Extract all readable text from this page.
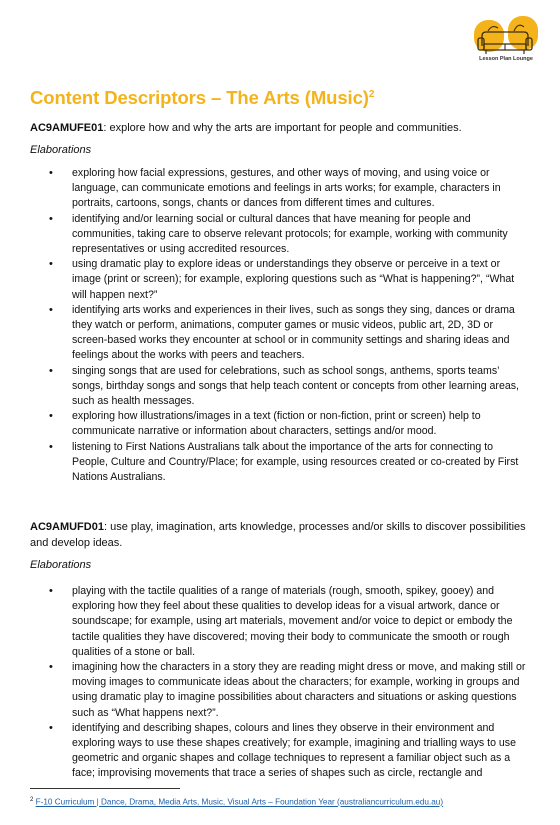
Lesson Plan Lounge
Content Descriptors – The Arts (Music)$^2$

AC9AMUFE01: explore how and why the arts are important for people and communities.

Elaborations

• exploring how facial expressions, gestures, and other ways of moving, and using voice or language, can communicate emotions and feelings in arts works; for example, characters in portraits, cartoons, songs, chants or dances from different times and cultures.
• identifying and/or learning social or cultural dances that have meaning for people and communities, taking care to observe relevant protocols; for example, working with community representatives or using accredited resources.
• using dramatic play to explore ideas or understandings they observe or perceive in a text or image (print or screen); for example, exploring questions such as “What is happening?”, “What will happen next?”
• identifying arts works and experiences in their lives, such as songs they sing, dances or drama they watch or perform, animations, computer games or music videos, public art, 2D, 3D or screen-based works they encounter at school or in community settings and sharing ideas and feelings about the works with peers and teachers.
• singing songs that are used for celebrations, such as school songs, anthems, sports teams’ songs, birthday songs and songs that help teach content or concepts from other learning areas, such as health messages.
• exploring how illustrations/images in a text (fiction or non-fiction, print or screen) help to communicate narrative or information about characters, settings and/or mood.
• listening to First Nations Australians talk about the importance of the arts for connecting to People, Culture and Country/Place; for example, using resources created or co-created by First Nations Australians.

AC9AMUFD01: use play, imagination, arts knowledge, processes and/or skills to discover possibilities and develop ideas.

Elaborations

• playing with the tactile qualities of a range of materials (rough, smooth, spikey, gooey) and exploring how they feel about these qualities to develop ideas for a visual artwork, dance or soundscape; for example, using art materials, movement and/or voice to depict or embody the tactile qualities they have discovered; moving their body to communicate the smooth or rough qualities of a stone or ball.
• imagining how the characters in a story they are reading might dress or move, and making still or moving images to communicate ideas about the characters; for example, working in groups and using dramatic play to imagine possibilities about characters and situations or asking questions such as “What happens next?”.
• identifying and describing shapes, colours and lines they observe in their environment and exploring ways to use these shapes creatively; for example, imagining and trialling ways to use geometric and organic shapes and collage techniques to represent a familiar object such as a face; improvising movements that trace a series of shapes such as circle, rectangle and
$^2$ F-10 Curriculum | Dance, Drama, Media Arts, Music, Visual Arts – Foundation Year (australiancurriculum.edu.au)
